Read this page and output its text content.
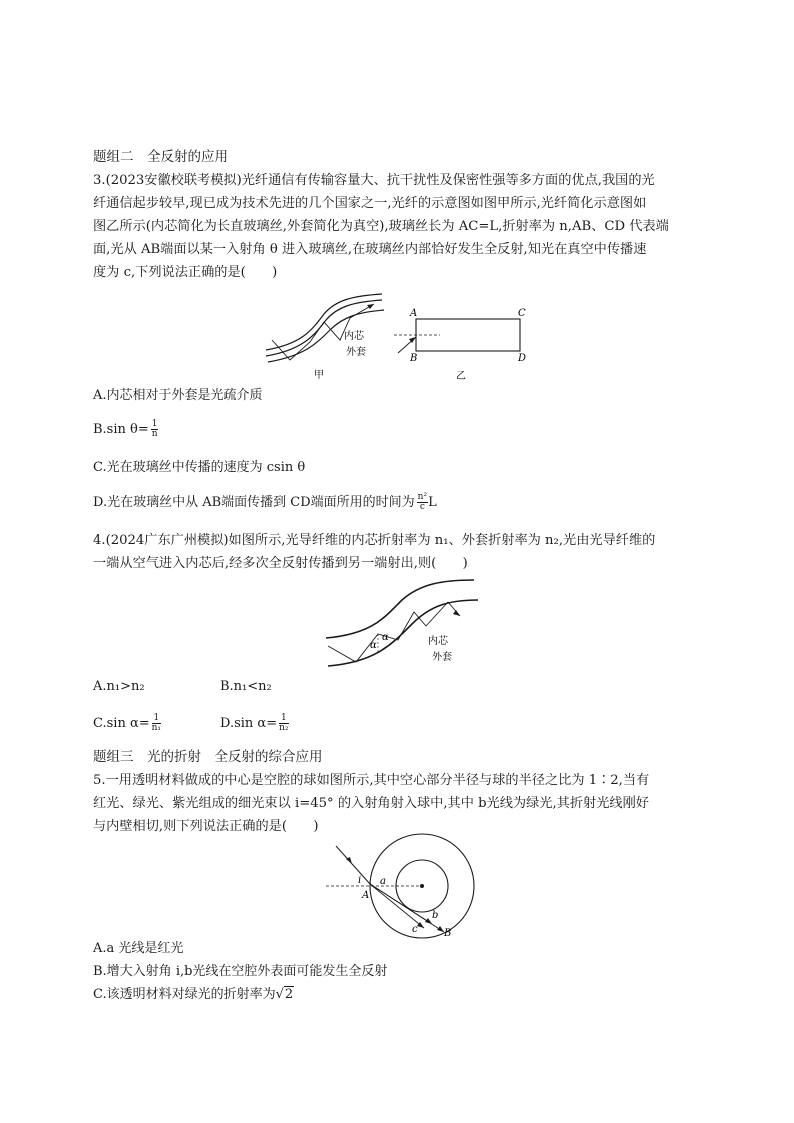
题组二　全反射的应用
3.(2023安徽校联考模拟)光纤通信有传输容量大、抗干扰性及保密性强等多方面的优点,我国的光
纤通信起步较早,现已成为技术先进的几个国家之一,光纤的示意图如图甲所示,光纤简化示意图如
图乙所示(内芯简化为长直玻璃丝,外套简化为真空),玻璃丝长为 AC=L,折射率为 n,AB、CD 代表端
面,光从 AB端面以某一入射角 θ 进入玻璃丝,在玻璃丝内部恰好发生全反射,知光在真空中传播速
度为 c,下列说法正确的是(　　)
内芯
外套
甲
A
B
C
D
乙
A.内芯相对于外套是光疏介质
B.sin $\theta= \frac{1}{n}$
C.光在玻璃丝中传播的速度为 csin θ
D.光在玻璃丝中从 AB端面传播到 CD端面所用的时间为 $\frac{\text{n²}}{c}$ L
4.(2024广东广州模拟)如图所示,光导纤维的内芯折射率为 n₁、外套折射率为 n₂,光由光导纤维的
一端从空气进入内芯后,经多次全反射传播到另一端射出,则(　　)
α
α	内芯
外套
A.n₁>n₂	B.n₁<n₂
C.sin $\alpha= \frac{1}{\text{n₁}}$	D.sin $\alpha= \frac{1}{\text{n₂}}$
题组三　光的折射　全反射的综合应用
5.一用透明材料做成的中心是空腔的球如图所示,其中空心部分半径与球的半径之比为 1∶2,当有
红光、绿光、紫光组成的细光束以 i=45° 的入射角射入球中,其中 b光线为绿光,其折射光线刚好
与内壁相切,则下列说法正确的是(　　)
i
A
B
a
b
c
A.a 光线是红光
B.增大入射角 i,b光线在空腔外表面可能发生全反射
C.该透明材料对绿光的折射率为√2
